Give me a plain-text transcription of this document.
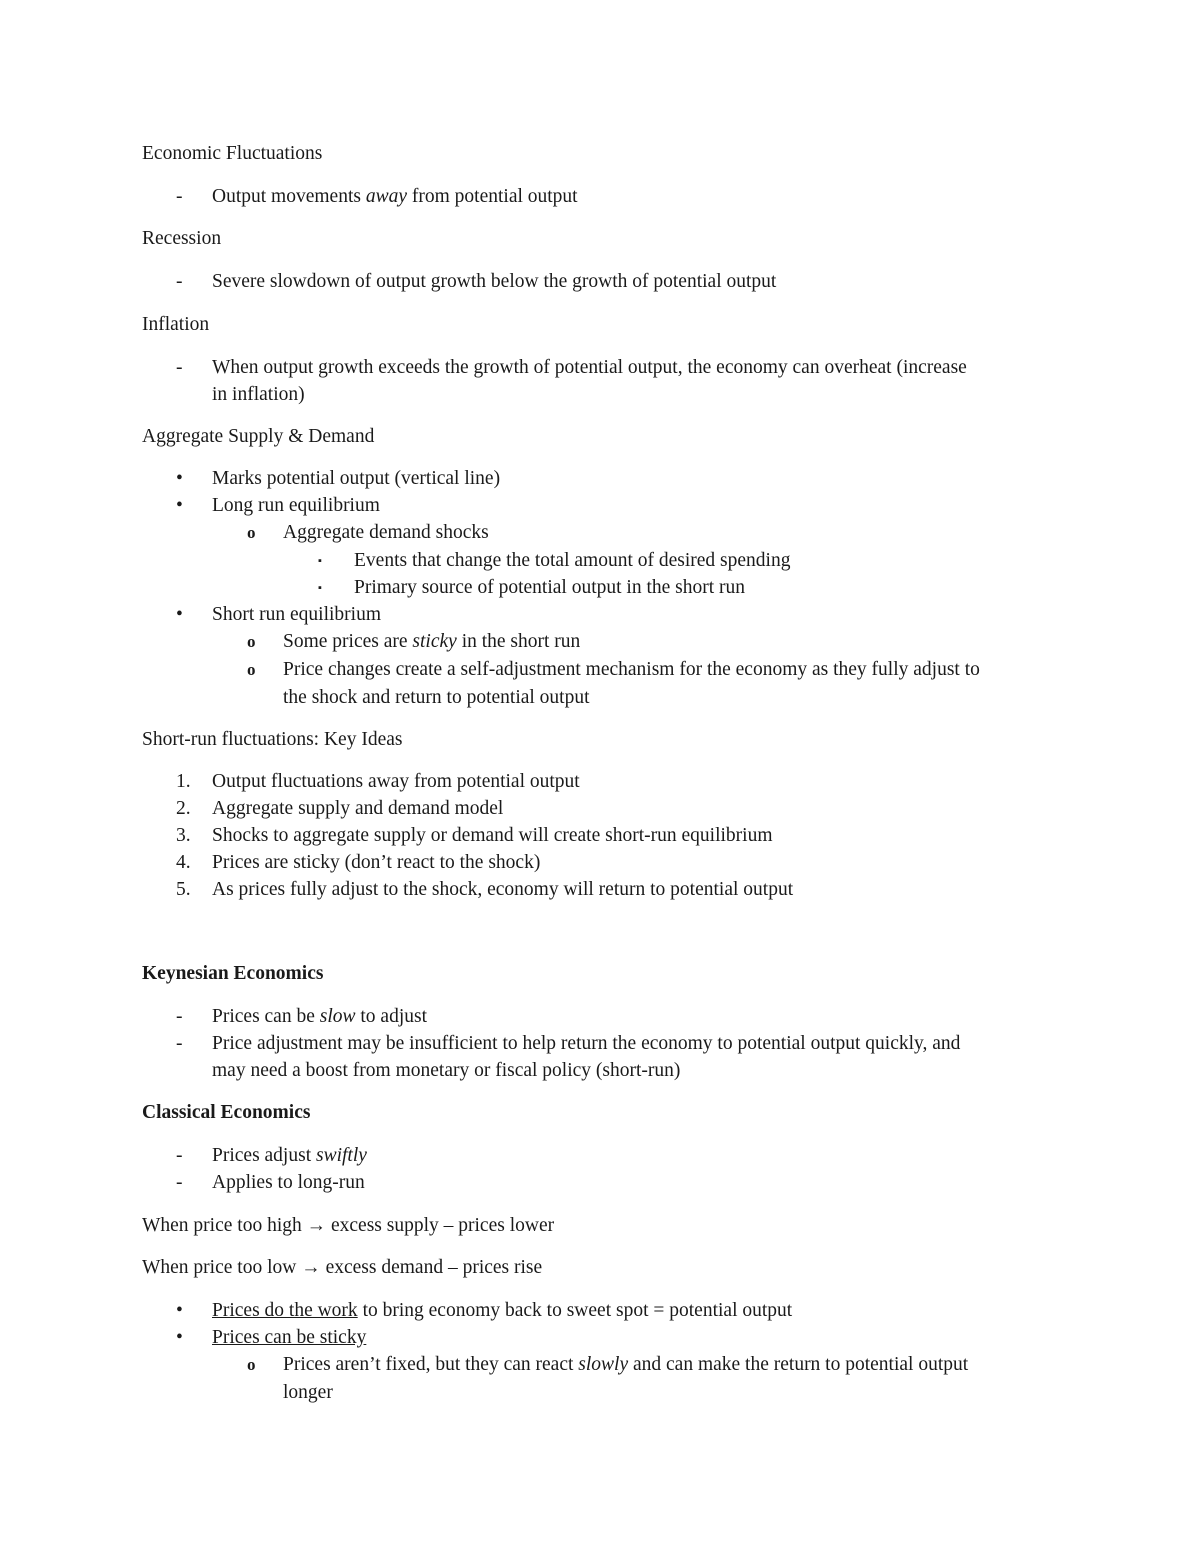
Economic Fluctuations
- Output movements away from potential output
Recession
- Severe slowdown of output growth below the growth of potential output
Inflation
- When output growth exceeds the growth of potential output, the economy can overheat (increase
in inflation)
Aggregate Supply & Demand
• Marks potential output (vertical line)
• Long run equilibrium
o Aggregate demand shocks
▪ Events that change the total amount of desired spending
▪ Primary source of potential output in the short run
• Short run equilibrium
o Some prices are sticky in the short run
o Price changes create a self-adjustment mechanism for the economy as they fully adjust to
the shock and return to potential output
Short-run fluctuations: Key Ideas
1. Output fluctuations away from potential output
2. Aggregate supply and demand model
3. Shocks to aggregate supply or demand will create short-run equilibrium
4. Prices are sticky (don’t react to the shock)
5. As prices fully adjust to the shock, economy will return to potential output
Keynesian Economics
- Prices can be slow to adjust
- Price adjustment may be insufficient to help return the economy to potential output quickly, and
may need a boost from monetary or fiscal policy (short-run)
Classical Economics
- Prices adjust swiftly
- Applies to long-run
When price too high → excess supply – prices lower
When price too low → excess demand – prices rise
• Prices do the work to bring economy back to sweet spot = potential output
• Prices can be sticky
o Prices aren’t fixed, but they can react slowly and can make the return to potential output
longer
